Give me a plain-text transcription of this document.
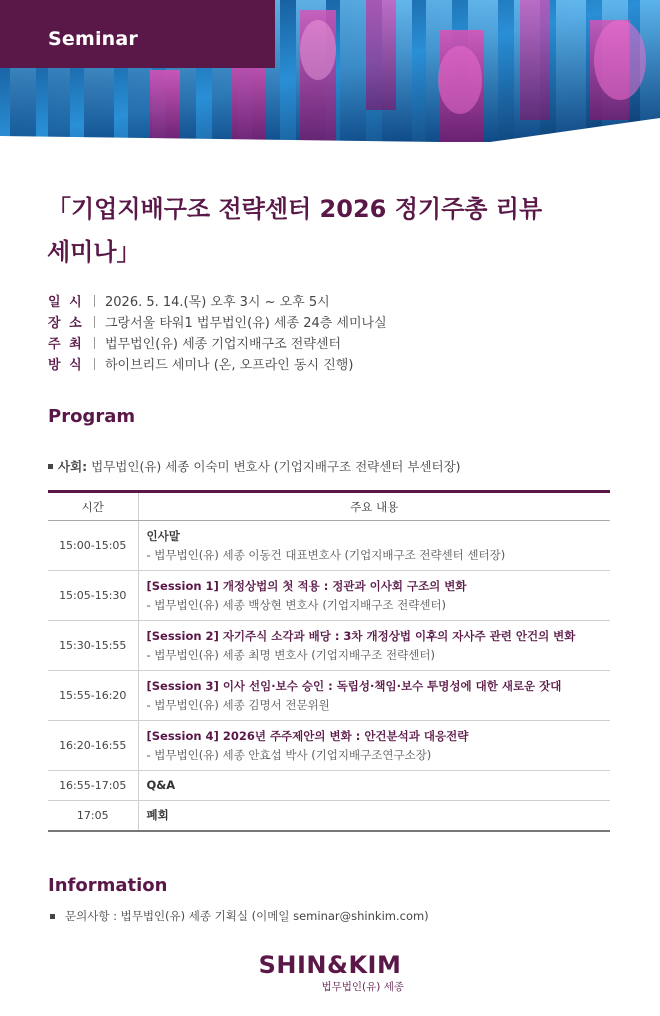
Seminar
「기업지배구조 전략센터 2026 정기주총 리뷰 세미나」
일 시	2026. 5. 14.(목) 오후 3시 ~ 오후 5시
장 소	그랑서울 타워1 법무법인(유) 세종 24층 세미나실
주 최	법무법인(유) 세종 기업지배구조 전략센터
방 식	하이브리드 세미나 (온, 오프라인 동시 진행)
Program
사회: 법무법인(유) 세종 이숙미 변호사 (기업지배구조 전략센터 부센터장)
시간	주요 내용
15:00-15:05	인사말
- 법무법인(유) 세종 이동건 대표변호사 (기업지배구조 전략센터 센터장)

15:05-15:30	[Session 1] 개정상법의 첫 적용 : 정관과 이사회 구조의 변화
- 법무법인(유) 세종 백상현 변호사 (기업지배구조 전략센터)

15:30-15:55	[Session 2] 자기주식 소각과 배당 : 3차 개정상법 이후의 자사주 관련 안건의 변화
- 법무법인(유) 세종 최명 변호사 (기업지배구조 전략센터)

15:55-16:20	[Session 3] 이사 선임·보수 승인 : 독립성·책임·보수 투명성에 대한 새로운 잣대
- 법무법인(유) 세종 김명서 전문위원

16:20-16:55	[Session 4] 2026년 주주제안의 변화 : 안건분석과 대응전략
- 법무법인(유) 세종 안효섭 박사 (기업지배구조연구소장)

16:55-17:05	Q&A

17:05	폐회
Information
문의사항 : 법무법인(유) 세종 기획실 (이메일 seminar@shinkim.com)
SHIN&KIM
법무법인(유) 세종
